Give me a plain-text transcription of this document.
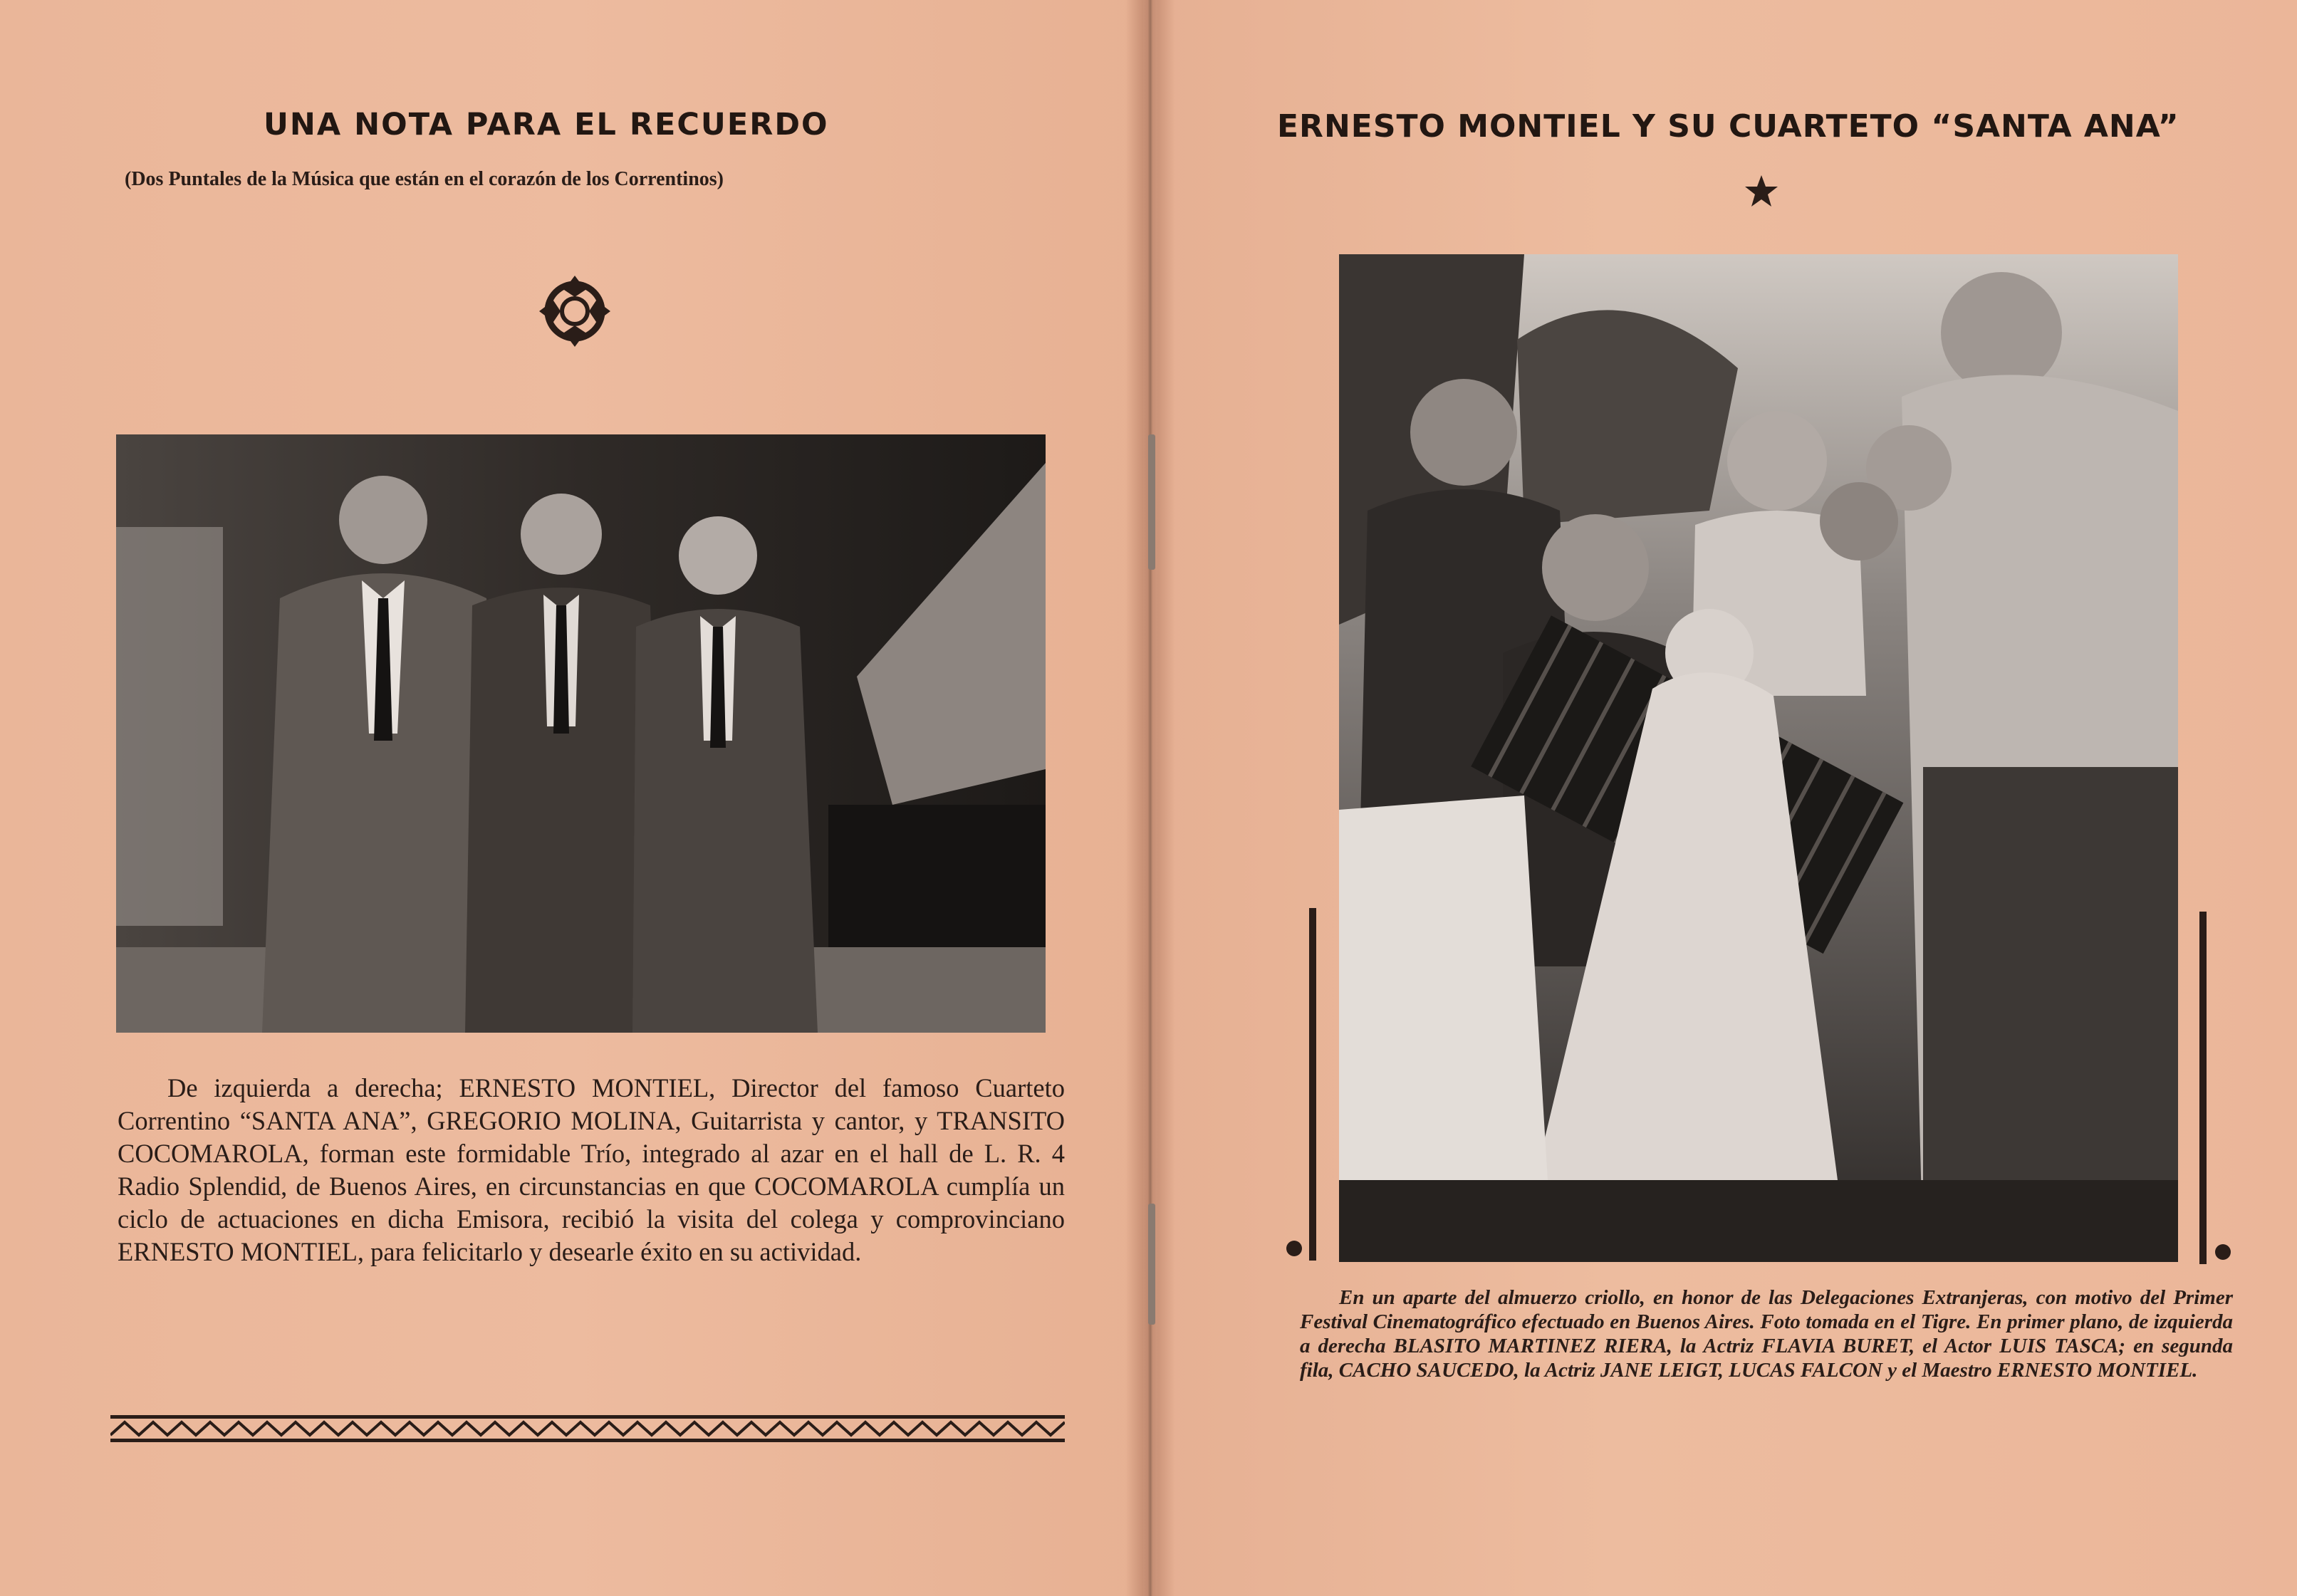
UNA NOTA PARA EL RECUERDO

(Dos Puntales de la Música que están en el corazón de los Correntinos)

De izquierda a derecha; ERNESTO MONTIEL, Director del famoso Cuarteto Correntino “SANTA ANA”, GREGORIO MOLINA, Guitarrista y cantor, y TRANSITO COCOMAROLA, forman este formidable Trío, integrado al azar en el hall de L. R. 4 Radio Splendid, de Buenos Aires, en circunstancias en que COCOMAROLA cumplía un ciclo de actuaciones en dicha Emisora, recibió la visita del colega y comprovinciano ERNESTO MONTIEL, para felicitarlo y desearle éxito en su actividad.

ERNESTO MONTIEL Y SU CUARTETO “SANTA ANA”

En un aparte del almuerzo criollo, en honor de las Delegaciones Extranjeras, con motivo del Primer Festival Cinematográfico efectuado en Buenos Aires. Foto tomada en el Tigre. En primer plano, de izquierda a derecha BLASITO MARTINEZ RIERA, la Actriz FLAVIA BURET, el Actor LUIS TASCA; en segunda fila, CACHO SAUCEDO, la Actriz JANE LEIGT, LUCAS FALCON y el Maestro ERNESTO MONTIEL.
